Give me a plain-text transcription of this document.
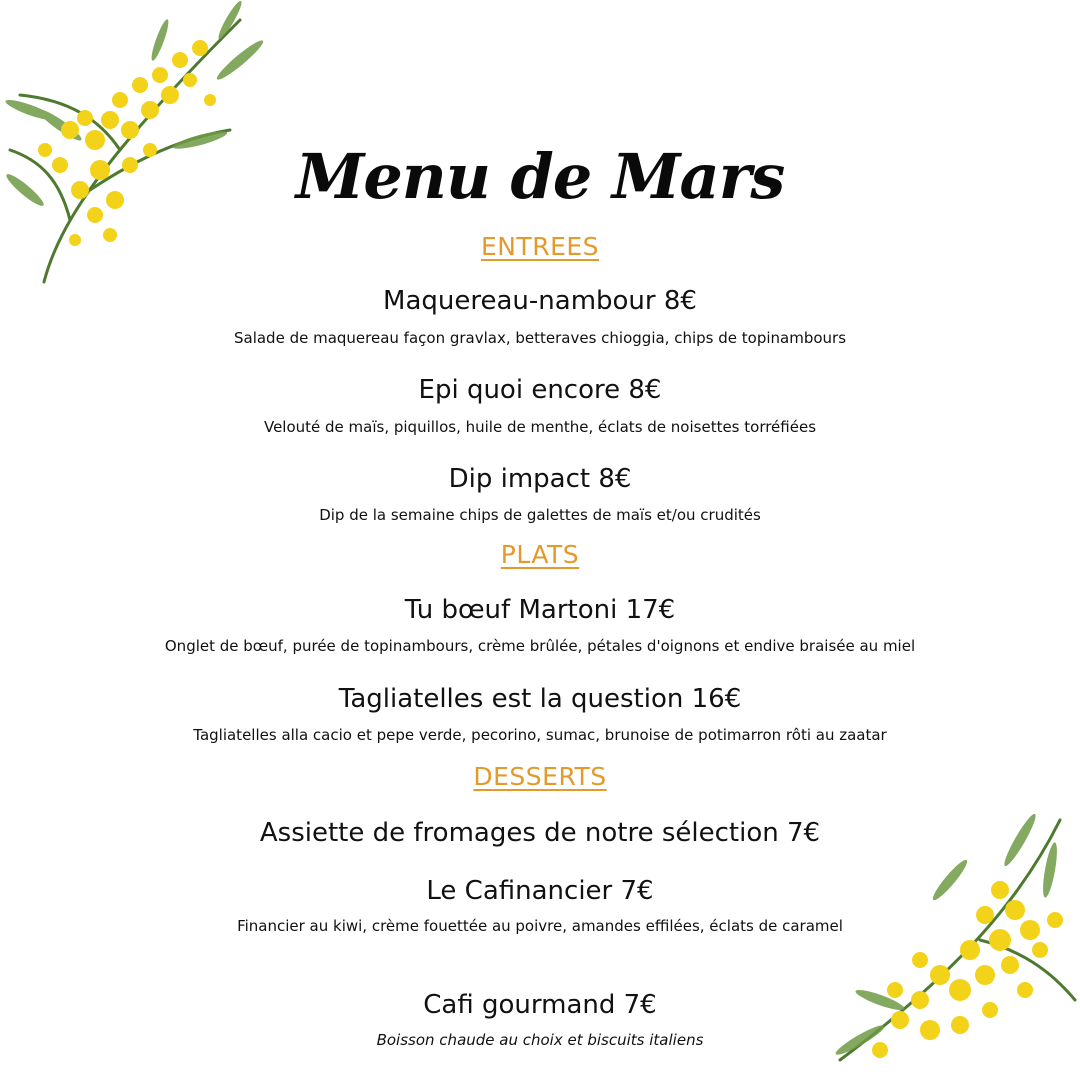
Menu de Mars
ENTREES
Maquereau-nambour 8€
Salade de maquereau façon gravlax, betteraves chioggia, chips de topinambours
Epi quoi encore 8€
Velouté de maïs, piquillos, huile de menthe, éclats de noisettes torréfiées
Dip impact 8€
Dip de la semaine chips de galettes de maïs et/ou crudités
PLATS
Tu bœuf Martoni 17€
Onglet de bœuf, purée de topinambours, crème brûlée, pétales d'oignons et endive braisée au miel
Tagliatelles est la question 16€
Tagliatelles alla cacio et pepe verde, pecorino, sumac, brunoise de potimarron rôti au zaatar
DESSERTS
Assiette de fromages de notre sélection 7€
Le Cafinancier 7€
Financier au kiwi, crème fouettée au poivre, amandes effilées, éclats de caramel
Cafi gourmand 7€
Boisson chaude au choix et biscuits italiens
